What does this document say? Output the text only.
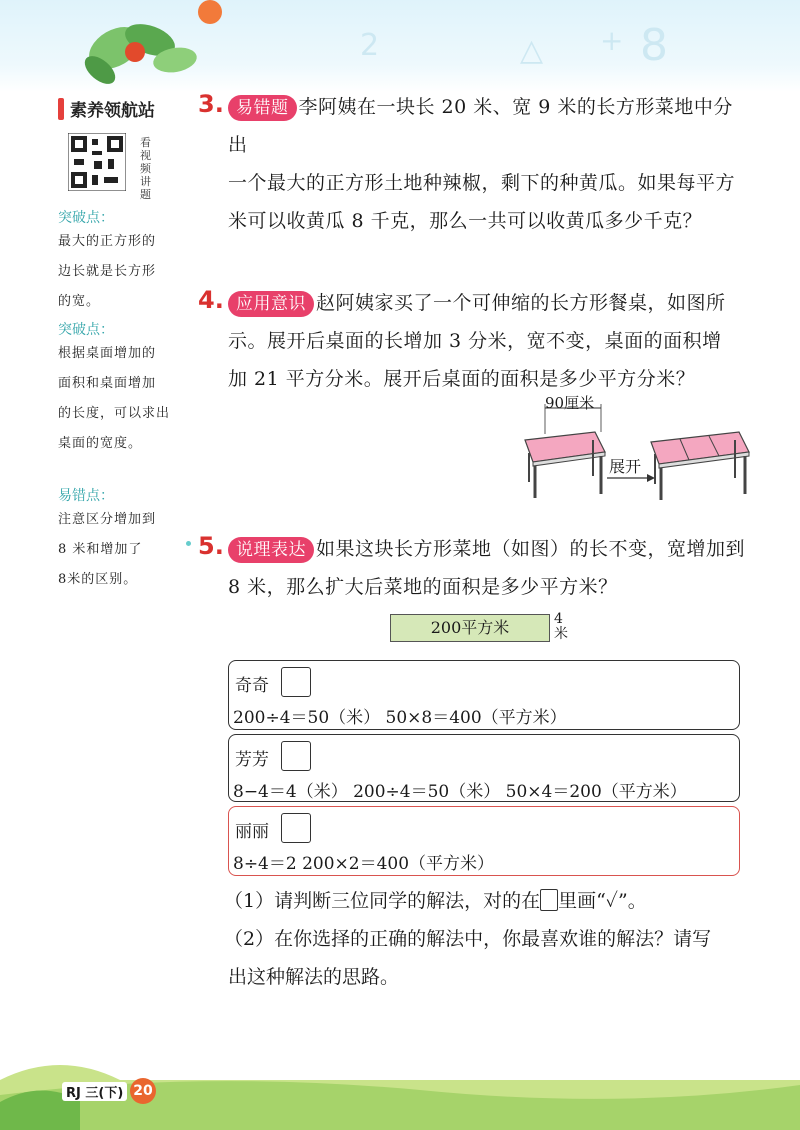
2	△ + 8
素养领航站
看视频讲题
突破点：
最大的正方形的
边长就是长方形
的宽。
突破点：
根据桌面增加的
面积和桌面增加
的长度，可以求出
桌面的宽度。
易错点：
注意区分增加到
8 米和增加了
8米的区别。
3. 易错题 李阿姨在一块长 20 米、宽 9 米的长方形菜地中分出
一个最大的正方形土地种辣椒，剩下的种黄瓜。如果每平方
米可以收黄瓜 8 千克，那么一共可以收黄瓜多少千克？
4. 应用意识 赵阿姨家买了一个可伸缩的长方形餐桌，如图所
示。展开后桌面的长增加 3 分米，宽不变，桌面的面积增
加 21 平方分米。展开后桌面的面积是多少平方分米？
90厘米
展开
5. 说理表达 如果这块长方形菜地（如图）的长不变，宽增加到
8 米，那么扩大后菜地的面积是多少平方米？
200平方米	4米
奇奇
200÷4＝50（米） 50×8＝400（平方米）
芳芳
8−4＝4（米） 200÷4＝50（米） 50×4＝200（平方米）
丽丽
8÷4＝2 200×2＝400（平方米）
（1）请判断三位同学的解法，对的在 里画“✓”。
（2）在你选择的正确的解法中，你最喜欢谁的解法？请写
出这种解法的思路。
RJ 三(下) 20
